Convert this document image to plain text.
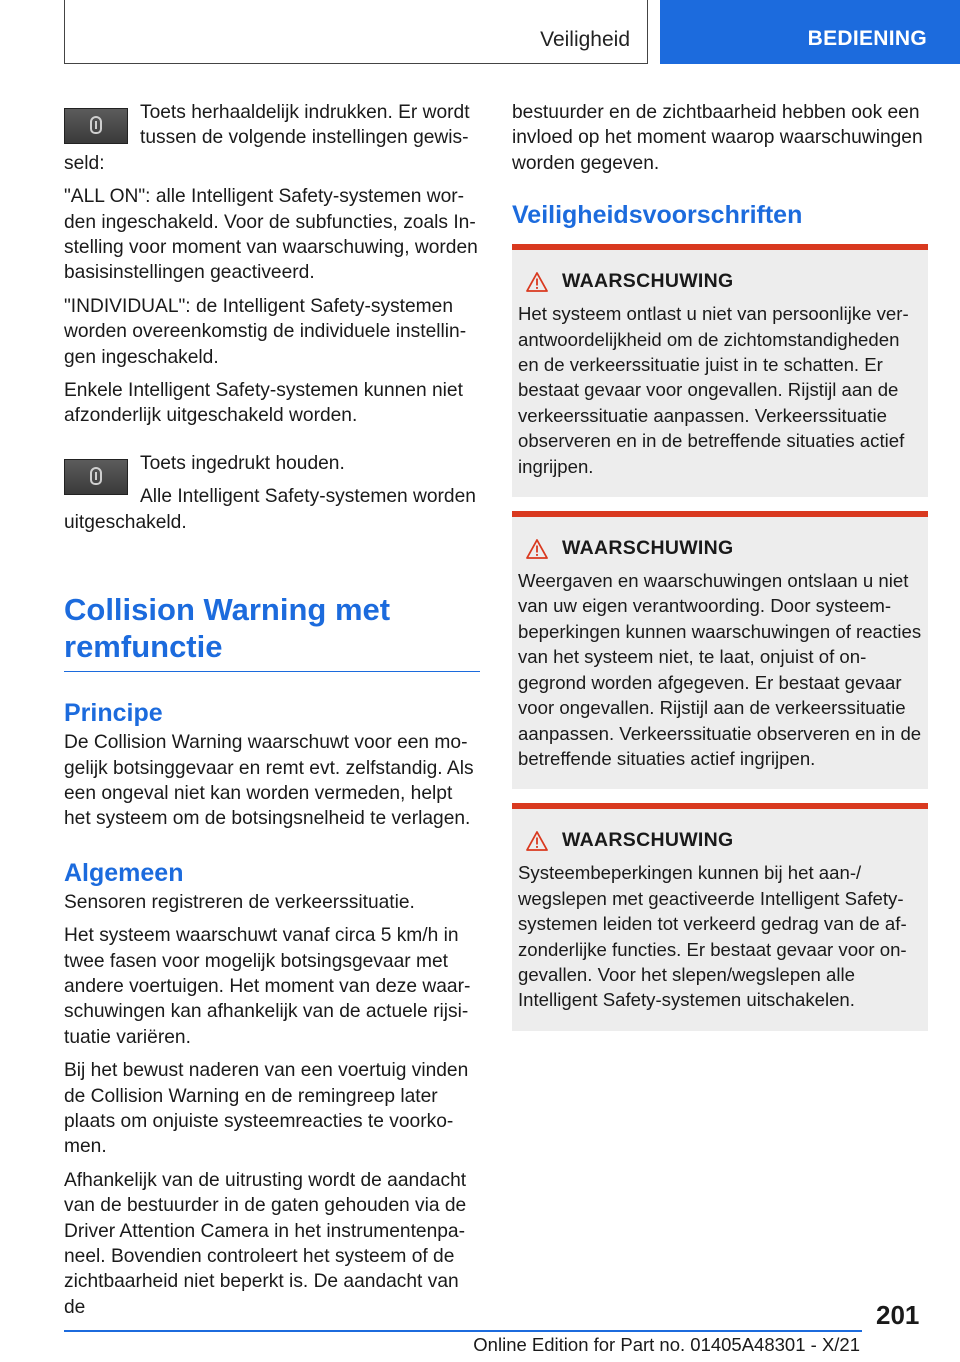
Veiligheid	BEDIENING

Toets herhaaldelijk indrukken. Er wordt tussen de volgende instellingen gewisseld:

"ALL ON": alle Intelligent Safety-systemen worden ingeschakeld. Voor de subfuncties, zoals Instelling voor moment van waarschuwing, worden basisinstellingen geactiveerd.

"INDIVIDUAL": de Intelligent Safety-systemen worden overeenkomstig de individuele instellingen ingeschakeld.

Enkele Intelligent Safety-systemen kunnen niet afzonderlijk uitgeschakeld worden.

Toets ingedrukt houden.

Alle Intelligent Safety-systemen worden uitgeschakeld.

Collision Warning met remfunctie
Principe

De Collision Warning waarschuwt voor een mogelijk botsinggevaar en remt evt. zelfstandig. Als een ongeval niet kan worden vermeden, helpt het systeem om de botsingsnelheid te verlagen.

Algemeen

Sensoren registreren de verkeerssituatie.

Het systeem waarschuwt vanaf circa 5 km/h in twee fasen voor mogelijk botsingsgevaar met andere voertuigen. Het moment van deze waarschuwingen kan afhankelijk van de actuele rijsituatie variëren.

Bij het bewust naderen van een voertuig vinden de Collision Warning en de remingreep later plaats om onjuiste systeemreacties te voorkomen.

Afhankelijk van de uitrusting wordt de aandacht van de bestuurder in de gaten gehouden via de Driver Attention Camera in het instrumentenpaneel. Bovendien controleert het systeem of de zichtbaarheid niet beperkt is. De aandacht van de

bestuurder en de zichtbaarheid hebben ook een invloed op het moment waarop waarschuwingen worden gegeven.

Veiligheidsvoorschriften
WAARSCHUWING

Het systeem ontlast u niet van persoonlijke verantwoordelijkheid om de zichtomstandigheden en de verkeerssituatie juist in te schatten. Er bestaat gevaar voor ongevallen. Rijstijl aan de verkeerssituatie aanpassen. Verkeerssituatie observeren en in de betreffende situaties actief ingrijpen.

WAARSCHUWING

Weergaven en waarschuwingen ontslaan u niet van uw eigen verantwoording. Door systeembeperkingen kunnen waarschuwingen of reacties van het systeem niet, te laat, onjuist of ongegrond worden afgegeven. Er bestaat gevaar voor ongevallen. Rijstijl aan de verkeerssituatie aanpassen. Verkeerssituatie observeren en in de betreffende situaties actief ingrijpen.

WAARSCHUWING

Systeembeperkingen kunnen bij het aan-/ wegslepen met geactiveerde Intelligent Safety-systemen leiden tot verkeerd gedrag van de afzonderlijke functies. Er bestaat gevaar voor ongevallen. Voor het slepen/wegslepen alle Intelligent Safety-systemen uitschakelen.

201
Online Edition for Part no. 01405A48301 - X/21
